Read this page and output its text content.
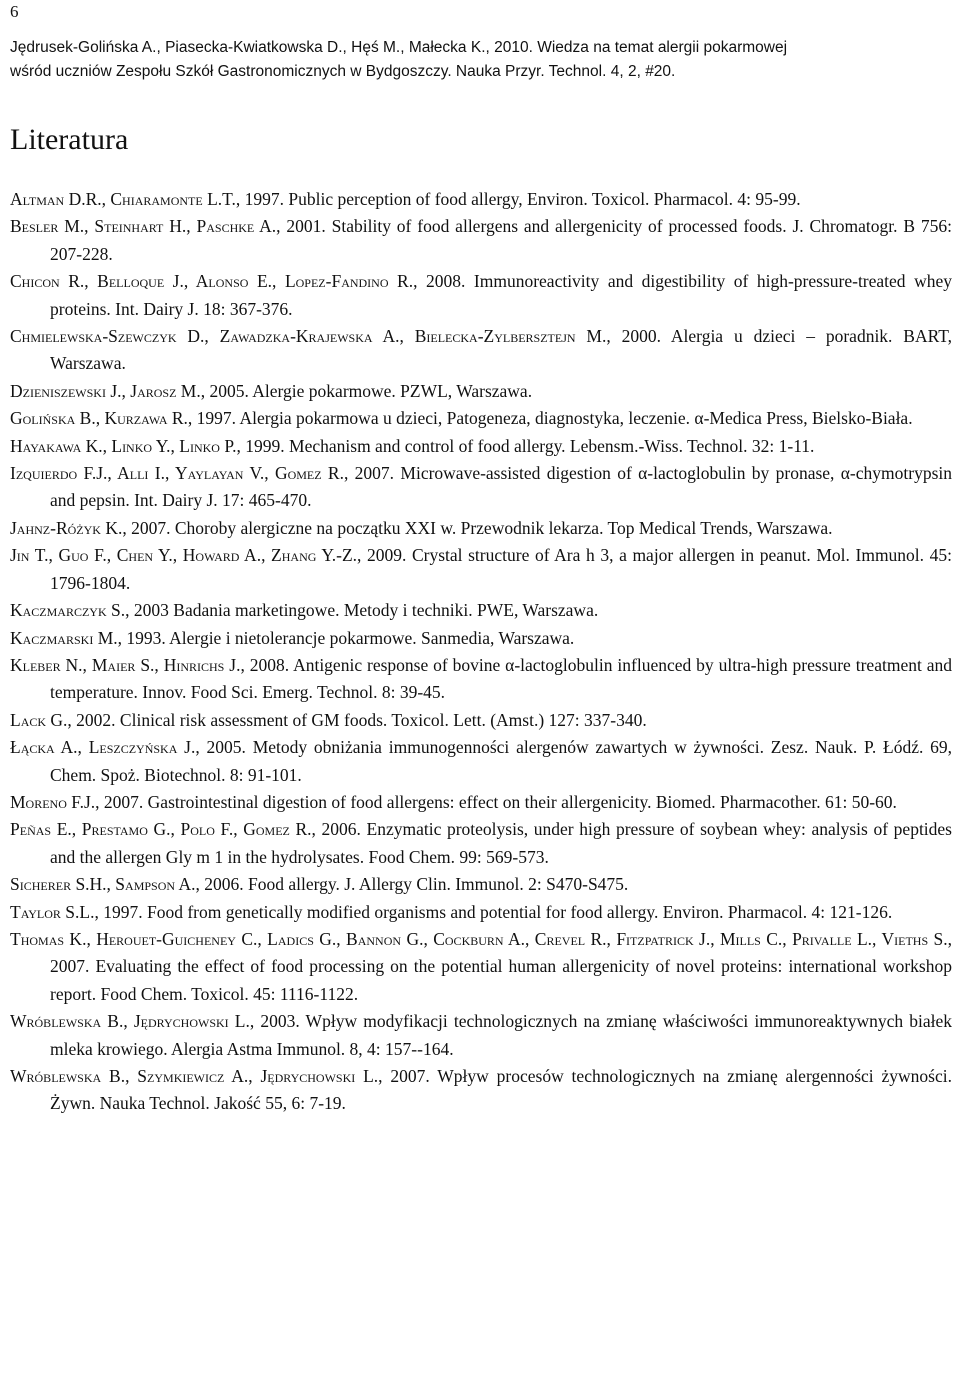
6
Jędrusek-Golińska A., Piasecka-Kwiatkowska D., Hęś M., Małecka K., 2010. Wiedza na temat alergii pokarmowej
wśród uczniów Zespołu Szkół Gastronomicznych w Bydgoszczy. Nauka Przyr. Technol. 4, 2, #20.
Literatura

Altman D.R., Chiaramonte L.T., 1997. Public perception of food allergy, Environ. Toxicol. Pharmacol. 4: 95-99.

Besler M., Steinhart H., Paschke A., 2001. Stability of food allergens and allergenicity of processed foods. J. Chromatogr. B 756: 207-228.

Chicon R., Belloque J., Alonso E., Lopez-Fandino R., 2008. Immunoreactivity and digestibility of high-pressure-treated whey proteins. Int. Dairy J. 18: 367-376.

Chmielewska-Szewczyk D., Zawadzka-Krajewska A., Bielecka-Zylbersztejn M., 2000. Alergia u dzieci – poradnik. BART, Warszawa.

Dzieniszewski J., Jarosz M., 2005. Alergie pokarmowe. PZWL, Warszawa.

Golińska B., Kurzawa R., 1997. Alergia pokarmowa u dzieci, Patogeneza, diagnostyka, leczenie. α-Medica Press, Bielsko-Biała.

Hayakawa K., Linko Y., Linko P., 1999. Mechanism and control of food allergy. Lebensm.-Wiss. Technol. 32: 1-11.

Izquierdo F.J., Alli I., Yaylayan V., Gomez R., 2007. Microwave-assisted digestion of α-lactoglobulin by pronase, α-chymotrypsin and pepsin. Int. Dairy J. 17: 465-470.

Jahnz-Różyk K., 2007. Choroby alergiczne na początku XXI w. Przewodnik lekarza. Top Medical Trends, Warszawa.

Jin T., Guo F., Chen Y., Howard A., Zhang Y.-Z., 2009. Crystal structure of Ara h 3, a major allergen in peanut. Mol. Immunol. 45: 1796-1804.

Kaczmarczyk S., 2003 Badania marketingowe. Metody i techniki. PWE, Warszawa.

Kaczmarski M., 1993. Alergie i nietolerancje pokarmowe. Sanmedia, Warszawa.

Kleber N., Maier S., Hinrichs J., 2008. Antigenic response of bovine α-lactoglobulin influenced by ultra-high pressure treatment and temperature. Innov. Food Sci. Emerg. Technol. 8: 39-45.

Lack G., 2002. Clinical risk assessment of GM foods. Toxicol. Lett. (Amst.) 127: 337-340.

Łącka A., Leszczyńska J., 2005. Metody obniżania immunogenności alergenów zawartych w żywności. Zesz. Nauk. P. Łódź. 69, Chem. Spoż. Biotechnol. 8: 91-101.

Moreno F.J., 2007. Gastrointestinal digestion of food allergens: effect on their allergenicity. Biomed. Pharmacother. 61: 50-60.

Peñas E., Prestamo G., Polo F., Gomez R., 2006. Enzymatic proteolysis, under high pressure of soybean whey: analysis of peptides and the allergen Gly m 1 in the hydrolysates. Food Chem. 99: 569-573.

Sicherer S.H., Sampson A., 2006. Food allergy. J. Allergy Clin. Immunol. 2: S470-S475.

Taylor S.L., 1997. Food from genetically modified organisms and potential for food allergy. Environ. Pharmacol. 4: 121-126.

Thomas K., Herouet-Guicheney C., Ladics G., Bannon G., Cockburn A., Crevel R., Fitzpatrick J., Mills C., Privalle L., Vieths S., 2007. Evaluating the effect of food processing on the potential human allergenicity of novel proteins: international workshop report. Food Chem. Toxicol. 45: 1116-1122.

Wróblewska B., Jędrychowski L., 2003. Wpływ modyfikacji technologicznych na zmianę właściwości immunoreaktywnych białek mleka krowiego. Alergia Astma Immunol. 8, 4: 157--164.

Wróblewska B., Szymkiewicz A., Jędrychowski L., 2007. Wpływ procesów technologicznych na zmianę alergenności żywności. Żywn. Nauka Technol. Jakość 55, 6: 7-19.
